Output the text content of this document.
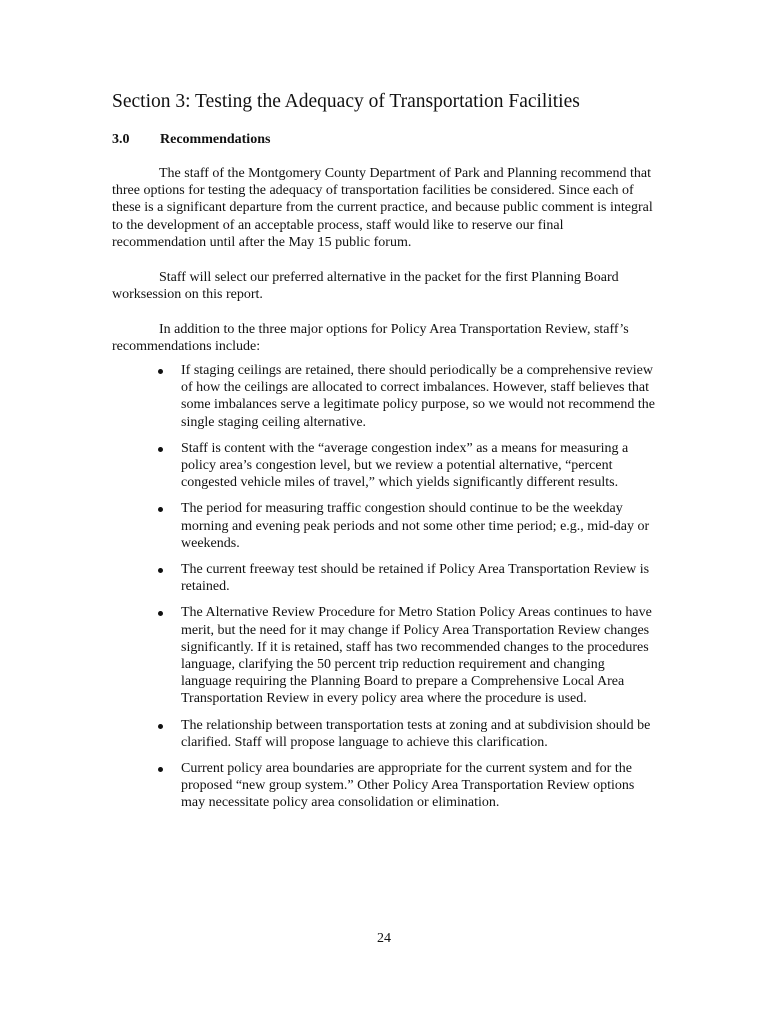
Section 3: Testing the Adequacy of Transportation Facilities
3.0 Recommendations

The staff of the Montgomery County Department of Park and Planning recommend that three options for testing the adequacy of transportation facilities be considered. Since each of these is a significant departure from the current practice, and because public comment is integral to the development of an acceptable process, staff would like to reserve our final recommendation until after the May 15 public forum.

Staff will select our preferred alternative in the packet for the first Planning Board worksession on this report.

In addition to the three major options for Policy Area Transportation Review, staff’s recommendations include:

If staging ceilings are retained, there should periodically be a comprehensive review of how the ceilings are allocated to correct imbalances. However, staff believes that some imbalances serve a legitimate policy purpose, so we would not recommend the single staging ceiling alternative.
Staff is content with the “average congestion index” as a means for measuring a policy area’s congestion level, but we review a potential alternative, “percent congested vehicle miles of travel,” which yields significantly different results.
The period for measuring traffic congestion should continue to be the weekday morning and evening peak periods and not some other time period; e.g., mid-day or weekends.
The current freeway test should be retained if Policy Area Transportation Review is retained.
The Alternative Review Procedure for Metro Station Policy Areas continues to have merit, but the need for it may change if Policy Area Transportation Review changes significantly. If it is retained, staff has two recommended changes to the procedures language, clarifying the 50 percent trip reduction requirement and changing language requiring the Planning Board to prepare a Comprehensive Local Area Transportation Review in every policy area where the procedure is used.
The relationship between transportation tests at zoning and at subdivision should be clarified. Staff will propose language to achieve this clarification.
Current policy area boundaries are appropriate for the current system and for the proposed “new group system.” Other Policy Area Transportation Review options may necessitate policy area consolidation or elimination.
24
